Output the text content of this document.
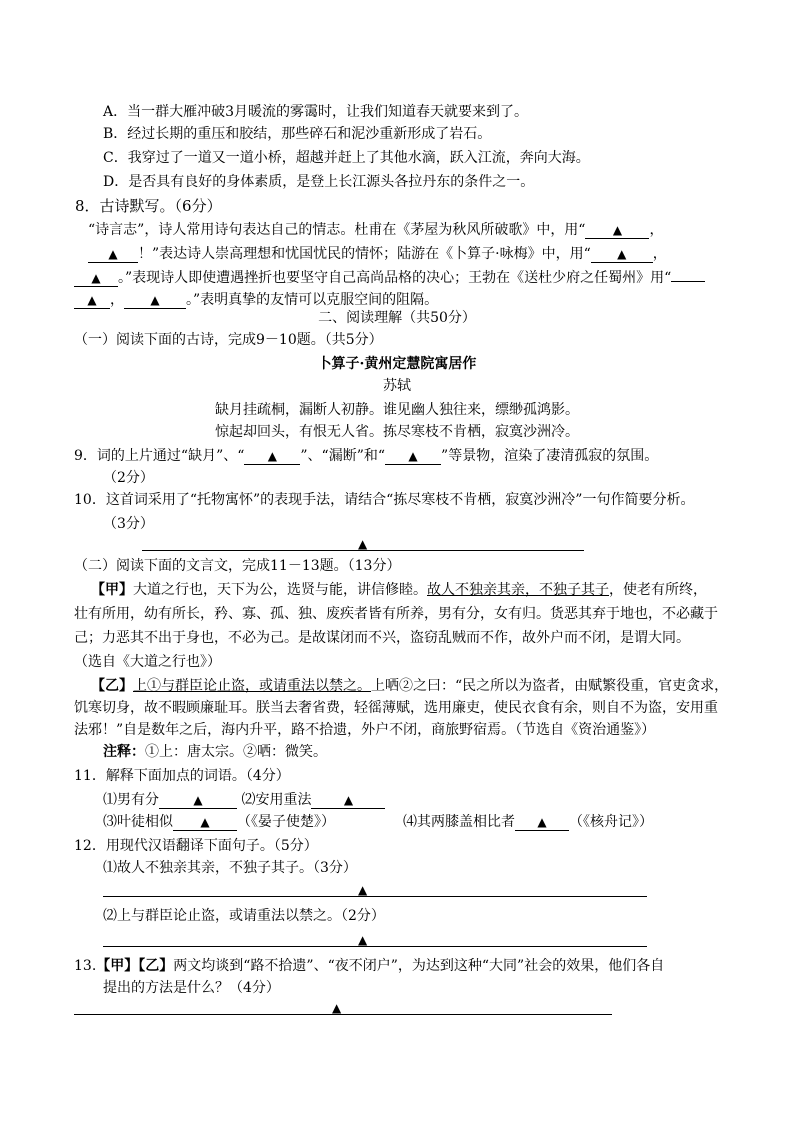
A．当一群大雁冲破3月暖流的雾霭时，让我们知道春天就要来到了。
B．经过长期的重压和胶结，那些碎石和泥沙重新形成了岩石。
C．我穿过了一道又一道小桥，超越并赶上了其他水滴，跃入江流，奔向大海。
D．是否具有良好的身体素质，是登上长江源头各拉丹东的条件之一。
8．古诗默写。（6分）
“诗言志”，诗人常用诗句表达自己的情志。杜甫在《茅屋为秋风所破歌》中，用“ ▲ ，
▲ ！”表达诗人崇高理想和忧国忧民的情怀；陆游在《卜算子·咏梅》中，用“ ▲ ，
▲ 。”表现诗人即使遭遇挫折也要坚守自己高尚品格的决心；王勃在《送杜少府之任蜀州》用“
▲ ， ▲ 。”表明真挚的友情可以克服空间的阻隔。
二、阅读理解（共50分）
（一）阅读下面的古诗，完成9－10题。（共5分）
卜算子·黄州定慧院寓居作
苏轼
缺月挂疏桐，漏断人初静。谁见幽人独往来，缥缈孤鸿影。
惊起却回头，有恨无人省。拣尽寒枝不肯栖，寂寞沙洲冷。
9．词的上片通过“缺月”、“ ▲ ”、“漏断”和“ ▲ ”等景物，渲染了凄清孤寂的氛围。
（2分）
10．这首词采用了“托物寓怀”的表现手法，请结合“拣尽寒枝不肯栖，寂寞沙洲冷”一句作简要分析。
（3分）
▲
（二）阅读下面的文言文，完成11－13题。（13分）
【甲】大道之行也，天下为公，选贤与能，讲信修睦。故人不独亲其亲，不独子其子，使老有所终，
壮有所用，幼有所长，矜、寡、孤、独、废疾者皆有所养，男有分，女有归。货恶其弃于地也，不必藏于
己；力恶其不出于身也，不必为己。是故谋闭而不兴，盗窃乱贼而不作，故外户而不闭，是谓大同。
（选自《大道之行也》）
【乙】上①与群臣论止盗，或请重法以禁之。上哂②之曰：“民之所以为盗者，由赋繁役重，官吏贪求，
饥寒切身，故不暇顾廉耻耳。朕当去奢省费，轻徭薄赋，选用廉吏，使民衣食有余，则自不为盗，安用重
法邪！”自是数年之后，海内升平，路不拾遗，外户不闭，商旅野宿焉。（节选自《资治通鉴》）
注释：①上：唐太宗。②哂：微笑。
11．解释下面加点的词语。（4分）
⑴男有分	▲	⑵安用重法	▲
⑶叶徒相似 ▲ （《晏子使楚》）	⑷其两膝盖相比者 ▲ （《核舟记》）
12．用现代汉语翻译下面句子。（5分）
⑴故人不独亲其亲，不独子其子。（3分）
▲
⑵上与群臣论止盗，或请重法以禁之。（2分）
▲
13.【甲】【乙】两文均谈到“路不拾遗”、“夜不闭户”，为达到这种“大同”社会的效果，他们各自
提出的方法是什么？（4分）
▲
